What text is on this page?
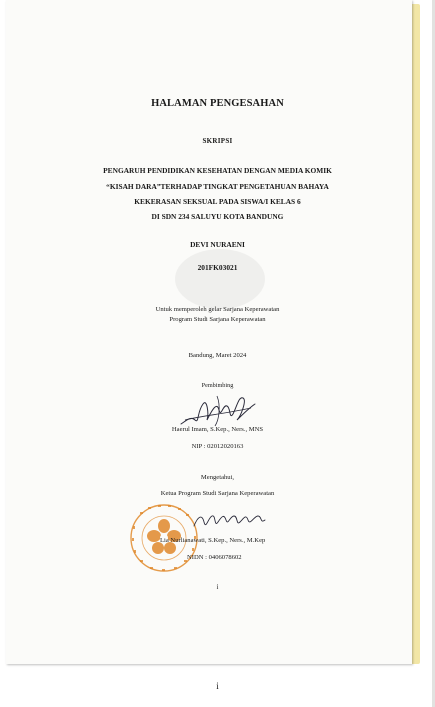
HALAMAN PENGESAHAN
SKRIPSI
PENGARUH PENDIDIKAN KESEHATAN DENGAN MEDIA KOMIK
“KISAH DARA”TERHADAP TINGKAT PENGETAHUAN BAHAYA
KEKERASAN SEKSUAL PADA SISWA/I KELAS 6
DI SDN 234 SALUYU KOTA BANDUNG
DEVI NURAENI
201FK03021
Untuk memperoleh gelar Sarjana Keperawatan
Program Studi Sarjana Keperawatan
Bandung, Maret 2024
Pembimbing
Haerul Imam, S.Kep., Ners., MNS
NIP : 02012020163
Mengetahui,
Ketua Program Studi Sarjana Keperawatan
Lia Nurlianawati, S.Kep., Ners., M.Kep
NIDN : 0406078602
i
i
